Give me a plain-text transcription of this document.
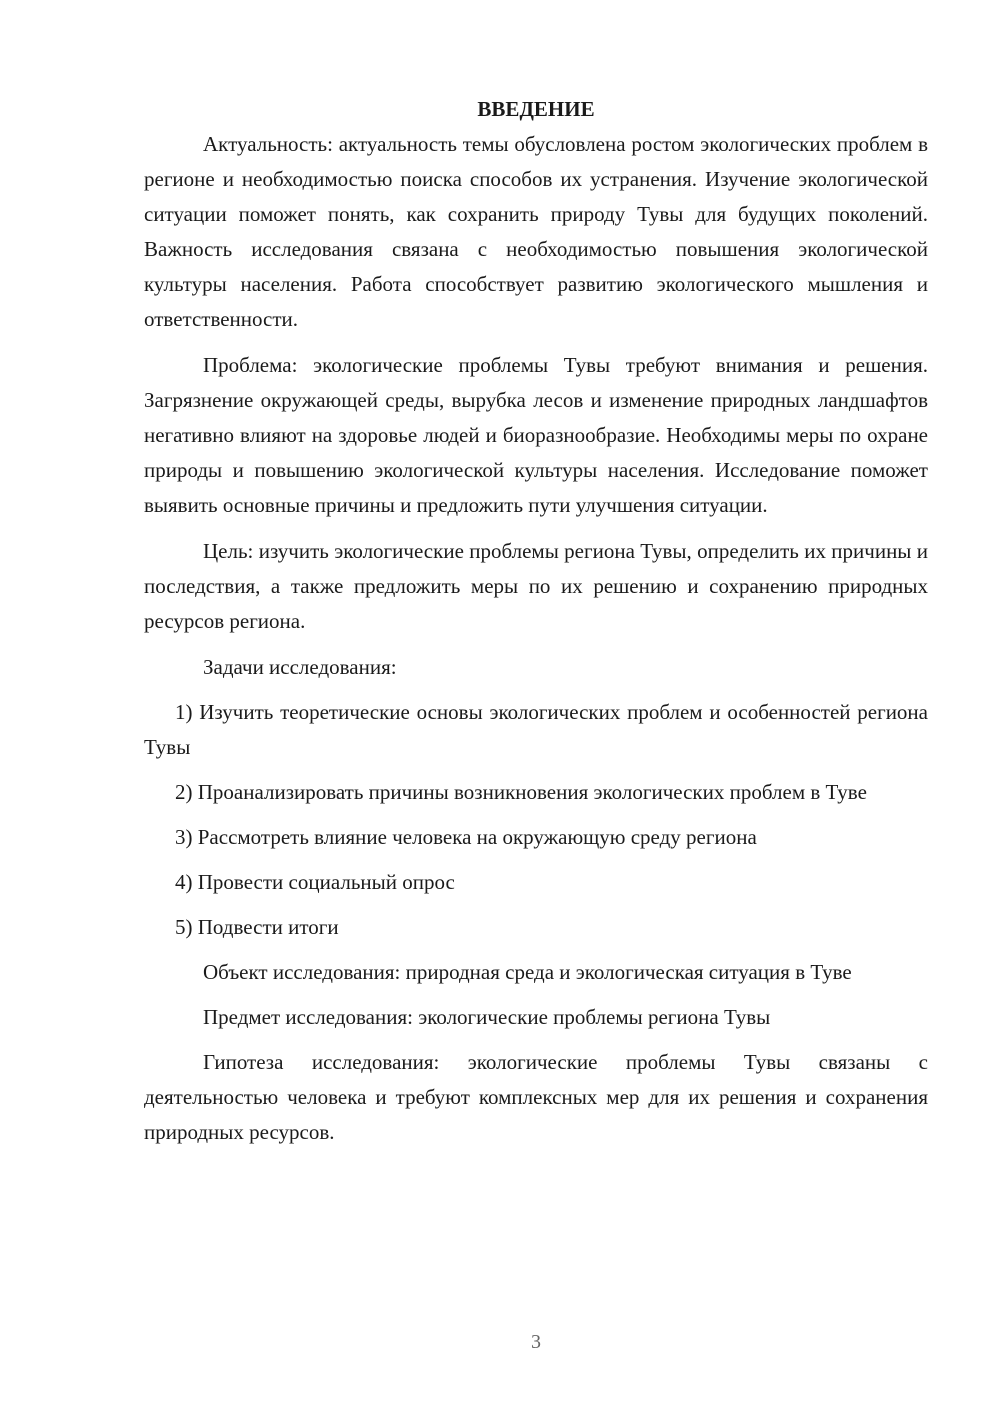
ВВЕДЕНИЕ

Актуальность: актуальность темы обусловлена ростом экологических проблем в регионе и необходимостью поиска способов их устранения. Изучение экологической ситуации поможет понять, как сохранить природу Тувы для будущих поколений. Важность исследования связана с необходимостью повышения экологической культуры населения. Работа способствует развитию экологического мышления и ответственности.

Проблема: экологические проблемы Тувы требуют внимания и решения. Загрязнение окружающей среды, вырубка лесов и изменение природных ландшафтов негативно влияют на здоровье людей и биоразнообразие. Необходимы меры по охране природы и повышению экологической культуры населения. Исследование поможет выявить основные причины и предложить пути улучшения ситуации.

Цель: изучить экологические проблемы региона Тувы, определить их причины и последствия, а также предложить меры по их решению и сохранению природных ресурсов региона.

Задачи исследования:

1) Изучить теоретические основы экологических проблем и особенностей региона Тувы

2) Проанализировать причины возникновения экологических проблем в Туве

3) Рассмотреть влияние человека на окружающую среду региона

4) Провести социальный опрос

5) Подвести итоги

Объект исследования: природная среда и экологическая ситуация в Туве

Предмет исследования: экологические проблемы региона Тувы

Гипотеза исследования: экологические проблемы Тувы связаны с деятельностью человека и требуют комплексных мер для их решения и сохранения природных ресурсов.

3
